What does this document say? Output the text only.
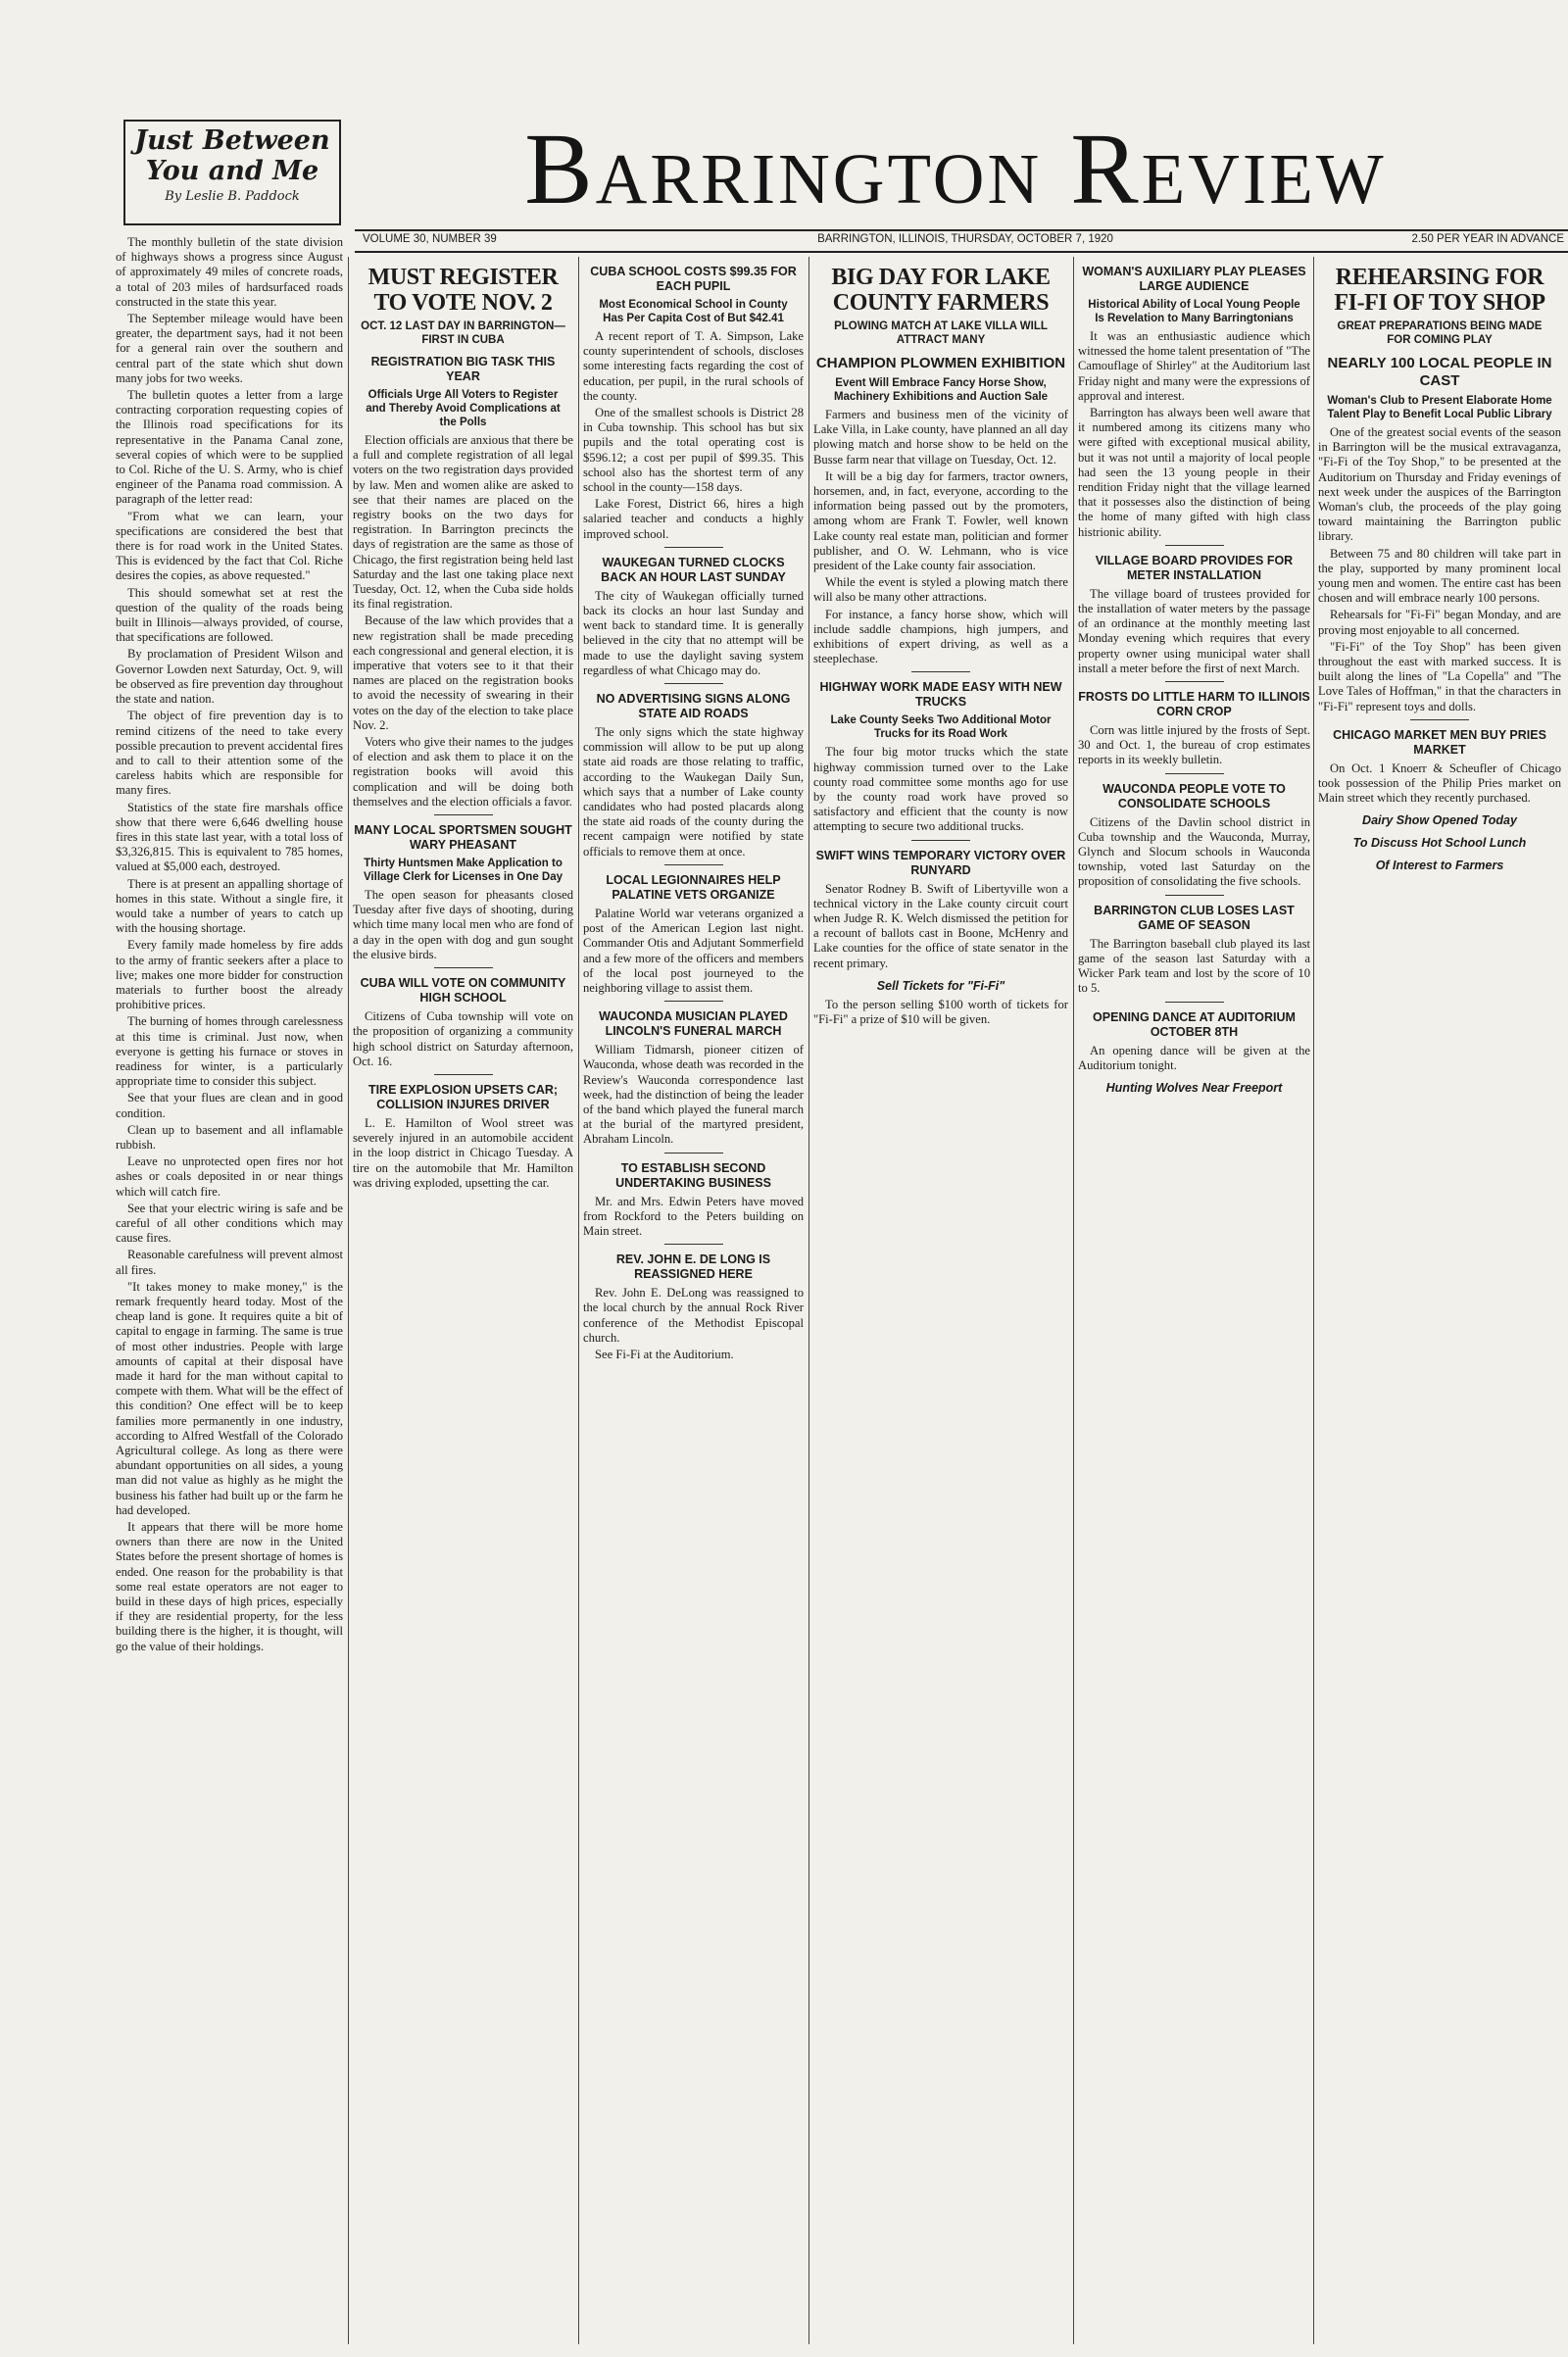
Just Between You and Me
By Leslie B. Paddock	Barrington Review
VOLUME 30, NUMBER 39	BARRINGTON, ILLINOIS, THURSDAY, OCTOBER 7, 1920	2.50 PER YEAR IN ADVANCE

The monthly bulletin of the state division of highways shows a progress since August of approximately 49 miles of concrete roads, a total of 203 miles of hardsurfaced roads constructed in the state this year.

The September mileage would have been greater, the department says, had it not been for a general rain over the southern and central part of the state which shut down many jobs for two weeks.

The bulletin quotes a letter from a large contracting corporation requesting copies of the Illinois road specifications for its representative in the Panama Canal zone, several copies of which were to be supplied to Col. Riche of the U. S. Army, who is chief engineer of the Panama road commission. A paragraph of the letter read:

"From what we can learn, your specifications are considered the best that there is for road work in the United States. This is evidenced by the fact that Col. Riche desires the copies, as above requested."

This should somewhat set at rest the question of the quality of the roads being built in Illinois—always provided, of course, that specifications are followed.

By proclamation of President Wilson and Governor Lowden next Saturday, Oct. 9, will be observed as fire prevention day throughout the state and nation.

The object of fire prevention day is to remind citizens of the need to take every possible precaution to prevent accidental fires and to call to their attention some of the careless habits which are responsible for many fires.

Statistics of the state fire marshals office show that there were 6,646 dwelling house fires in this state last year, with a total loss of $3,326,815. This is equivalent to 785 homes, valued at $5,000 each, destroyed.

There is at present an appalling shortage of homes in this state. Without a single fire, it would take a number of years to catch up with the housing shortage.

Every family made homeless by fire adds to the army of frantic seekers after a place to live; makes one more bidder for construction materials to further boost the already prohibitive prices.

The burning of homes through carelessness at this time is criminal. Just now, when everyone is getting his furnace or stoves in readiness for winter, is a particularly appropriate time to consider this subject.

See that your flues are clean and in good condition.

Clean up to basement and all inflamable rubbish.

Leave no unprotected open fires nor hot ashes or coals deposited in or near things which will catch fire.

See that your electric wiring is safe and be careful of all other conditions which may cause fires.

Reasonable carefulness will prevent almost all fires.

"It takes money to make money," is the remark frequently heard today. Most of the cheap land is gone. It requires quite a bit of capital to engage in farming. The same is true of most other industries. People with large amounts of capital at their disposal have made it hard for the man without capital to compete with them. What will be the effect of this condition? One effect will be to keep families more permanently in one industry, according to Alfred Westfall of the Colorado Agricultural college. As long as there were abundant opportunities on all sides, a young man did not value as highly as he might the business his father had built up or the farm he had developed.

It appears that there will be more home owners than there are now in the United States before the present shortage of homes is ended. One reason for the probability is that some real estate operators are not eager to build in these days of high prices, especially if they are residential property, for the less building there is the higher, it is thought, will go the value of their holdings.

MUST REGISTER TO VOTE NOV. 2
OCT. 12 LAST DAY IN BARRINGTON—FIRST IN CUBA
REGISTRATION BIG TASK THIS YEAR
Officials Urge All Voters to Register and Thereby Avoid Complications at the Polls

Election officials are anxious that there be a full and complete registration of all legal voters on the two registration days provided by law. Men and women alike are asked to see that their names are placed on the registry books on the two days for registration. In Barrington precincts the days of registration are the same as those of Chicago, the first registration being held last Saturday and the last one taking place next Tuesday, Oct. 12, when the Cuba side holds its final registration.

Because of the law which provides that a new registration shall be made preceding each congressional and general election, it is imperative that voters see to it that their names are placed on the registration books to avoid the necessity of swearing in their votes on the day of the election to take place Nov. 2.

Voters who give their names to the judges of election and ask them to place it on the registration books will avoid this complication and will be doing both themselves and the election officials a favor.

MANY LOCAL SPORTSMEN SOUGHT WARY PHEASANT
Thirty Huntsmen Make Application to Village Clerk for Licenses in One Day

The open season for pheasants closed Tuesday after five days of shooting, during which time many local men who are fond of a day in the open with dog and gun sought the elusive birds.

CUBA WILL VOTE ON COMMUNITY HIGH SCHOOL

Citizens of Cuba township will vote on the proposition of organizing a community high school district on Saturday afternoon, Oct. 16.

TIRE EXPLOSION UPSETS CAR; COLLISION INJURES DRIVER

L. E. Hamilton of Wool street was severely injured in an automobile accident in the loop district in Chicago Tuesday. A tire on the automobile that Mr. Hamilton was driving exploded, upsetting the car.

CUBA SCHOOL COSTS $99.35 FOR EACH PUPIL
Most Economical School in County Has Per Capita Cost of But $42.41

A recent report of T. A. Simpson, Lake county superintendent of schools, discloses some interesting facts regarding the cost of education, per pupil, in the rural schools of the county.

One of the smallest schools is District 28 in Cuba township. This school has but six pupils and the total operating cost is $596.12; a cost per pupil of $99.35. This school also has the shortest term of any school in the county—158 days.

Lake Forest, District 66, hires a high salaried teacher and conducts a highly improved school.

WAUKEGAN TURNED CLOCKS BACK AN HOUR LAST SUNDAY

The city of Waukegan officially turned back its clocks an hour last Sunday and went back to standard time. It is generally believed in the city that no attempt will be made to use the daylight saving system regardless of what Chicago may do.

NO ADVERTISING SIGNS ALONG STATE AID ROADS

The only signs which the state highway commission will allow to be put up along state aid roads are those relating to traffic, according to the Waukegan Daily Sun, which says that a number of Lake county candidates who had posted placards along the state aid roads of the county during the recent campaign were notified by state officials to remove them at once.

LOCAL LEGIONNAIRES HELP PALATINE VETS ORGANIZE

Palatine World war veterans organized a post of the American Legion last night. Commander Otis and Adjutant Sommerfield and a few more of the officers and members of the local post journeyed to the neighboring village to assist them.

WAUCONDA MUSICIAN PLAYED LINCOLN'S FUNERAL MARCH

William Tidmarsh, pioneer citizen of Wauconda, whose death was recorded in the Review's Wauconda correspondence last week, had the distinction of being the leader of the band which played the funeral march at the burial of the martyred president, Abraham Lincoln.

TO ESTABLISH SECOND UNDERTAKING BUSINESS

Mr. and Mrs. Edwin Peters have moved from Rockford to the Peters building on Main street.

REV. JOHN E. DE LONG IS REASSIGNED HERE

Rev. John E. DeLong was reassigned to the local church by the annual Rock River conference of the Methodist Episcopal church.

See Fi-Fi at the Auditorium.

BIG DAY FOR LAKE COUNTY FARMERS
PLOWING MATCH AT LAKE VILLA WILL ATTRACT MANY
CHAMPION PLOWMEN EXHIBITION
Event Will Embrace Fancy Horse Show, Machinery Exhibitions and Auction Sale

Farmers and business men of the vicinity of Lake Villa, in Lake county, have planned an all day plowing match and horse show to be held on the Busse farm near that village on Tuesday, Oct. 12.

It will be a big day for farmers, tractor owners, horsemen, and, in fact, everyone, according to the information being passed out by the promoters, among whom are Frank T. Fowler, well known Lake county real estate man, politician and former publisher, and O. W. Lehmann, who is vice president of the Lake county fair association.

While the event is styled a plowing match there will also be many other attractions.

For instance, a fancy horse show, which will include saddle champions, high jumpers, and exhibitions of expert driving, as well as a steeplechase.

HIGHWAY WORK MADE EASY WITH NEW TRUCKS
Lake County Seeks Two Additional Motor Trucks for its Road Work

The four big motor trucks which the state highway commission turned over to the Lake county road committee some months ago for use by the county road work have proved so satisfactory and efficient that the county is now attempting to secure two additional trucks.

SWIFT WINS TEMPORARY VICTORY OVER RUNYARD

Senator Rodney B. Swift of Libertyville won a technical victory in the Lake county circuit court when Judge R. K. Welch dismissed the petition for a recount of ballots cast in Boone, McHenry and Lake counties for the office of state senator in the recent primary.

Sell Tickets for "Fi-Fi"

To the person selling $100 worth of tickets for "Fi-Fi" a prize of $10 will be given.

WOMAN'S AUXILIARY PLAY PLEASES LARGE AUDIENCE
Historical Ability of Local Young People Is Revelation to Many Barringtonians

It was an enthusiastic audience which witnessed the home talent presentation of "The Camouflage of Shirley" at the Auditorium last Friday night and many were the expressions of approval and interest.

Barrington has always been well aware that it numbered among its citizens many who were gifted with exceptional musical ability, but it was not until a majority of local people had seen the 13 young people in their rendition Friday night that the village learned that it possesses also the distinction of being the home of many gifted with high class histrionic ability.

VILLAGE BOARD PROVIDES FOR METER INSTALLATION

The village board of trustees provided for the installation of water meters by the passage of an ordinance at the monthly meeting last Monday evening which requires that every property owner using municipal water shall install a meter before the first of next March.

FROSTS DO LITTLE HARM TO ILLINOIS CORN CROP

Corn was little injured by the frosts of Sept. 30 and Oct. 1, the bureau of crop estimates reports in its weekly bulletin.

WAUCONDA PEOPLE VOTE TO CONSOLIDATE SCHOOLS

Citizens of the Davlin school district in Cuba township and the Wauconda, Murray, Glynch and Slocum schools in Wauconda township, voted last Saturday on the proposition of consolidating the five schools.

BARRINGTON CLUB LOSES LAST GAME OF SEASON

The Barrington baseball club played its last game of the season last Saturday with a Wicker Park team and lost by the score of 10 to 5.

OPENING DANCE AT AUDITORIUM OCTOBER 8TH

An opening dance will be given at the Auditorium tonight.

Hunting Wolves Near Freeport
REHEARSING FOR FI-FI OF TOY SHOP
GREAT PREPARATIONS BEING MADE FOR COMING PLAY
NEARLY 100 LOCAL PEOPLE IN CAST
Woman's Club to Present Elaborate Home Talent Play to Benefit Local Public Library

One of the greatest social events of the season in Barrington will be the musical extravaganza, "Fi-Fi of the Toy Shop," to be presented at the Auditorium on Thursday and Friday evenings of next week under the auspices of the Barrington Woman's club, the proceeds of the play going toward maintaining the Barrington public library.

Between 75 and 80 children will take part in the play, supported by many prominent local young men and women. The entire cast has been chosen and will embrace nearly 100 persons.

Rehearsals for "Fi-Fi" began Monday, and are proving most enjoyable to all concerned.

"Fi-Fi" of the Toy Shop" has been given throughout the east with marked success. It is built along the lines of "La Copella" and "The Love Tales of Hoffman," in that the characters in "Fi-Fi" represent toys and dolls.

CHICAGO MARKET MEN BUY PRIES MARKET

On Oct. 1 Knoerr & Scheufler of Chicago took possession of the Philip Pries market on Main street which they recently purchased.

Dairy Show Opened Today
To Discuss Hot School Lunch
Of Interest to Farmers
